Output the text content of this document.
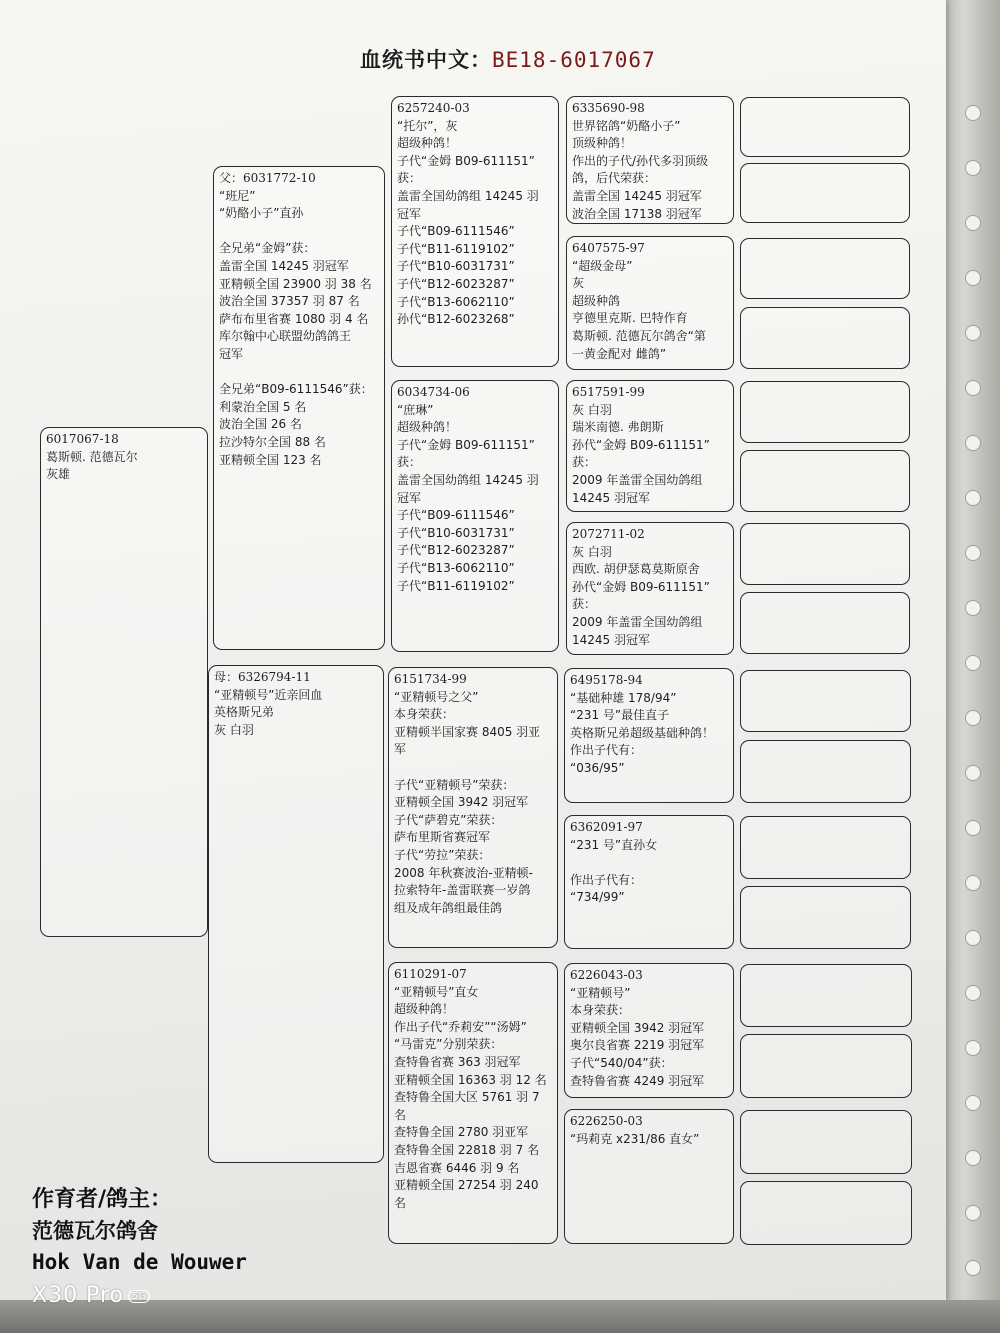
血统书中文：BE18-6017067
6017067-18
葛斯顿. 范德瓦尔
灰雄
父：6031772-10
“班尼”
“奶酪小子”直孙

全兄弟“金姆”获：
盖雷全国 14245 羽冠军
亚精顿全国 23900 羽 38 名
波治全国 37357 羽 87 名
萨布布里省赛 1080 羽 4 名
库尔翰中心联盟幼鸽鸽王
冠军

全兄弟“B09-6111546”获：
利蒙治全国 5 名
波治全国 26 名
拉沙特尔全国 88 名
亚精顿全国 123 名
母：6326794-11
“亚精顿号”近亲回血
英格斯兄弟
灰 白羽
6257240-03
“托尔”，灰
超级种鸽！
子代“金姆 B09-611151”
获：
盖雷全国幼鸽组 14245 羽
冠军
子代“B09-6111546”
子代“B11-6119102”
子代“B10-6031731”
子代“B12-6023287”
子代“B13-6062110”
孙代“B12-6023268”
6034734-06
“庶琳”
超级种鸽！
子代“金姆 B09-611151”
获：
盖雷全国幼鸽组 14245 羽
冠军
子代“B09-6111546”
子代“B10-6031731”
子代“B12-6023287”
子代“B13-6062110”
子代“B11-6119102”
6151734-99
“亚精顿号之父”
本身荣获：
亚精顿半国家赛 8405 羽亚
军

子代“亚精顿号”荣获：
亚精顿全国 3942 羽冠军
子代“萨碧克”荣获：
萨布里斯省赛冠军
子代“劳拉”荣获：
2008 年秋赛波治-亚精顿-
拉索特年-盖雷联赛一岁鸽
组及成年鸽组最佳鸽
6110291-07
“亚精顿号”直女
超级种鸽！
作出子代“乔莉安”“汤姆”
“马雷克”分别荣获：
查特鲁省赛 363 羽冠军
亚精顿全国 16363 羽 12 名
查特鲁全国大区 5761 羽 7
名
查特鲁全国 2780 羽亚军
查特鲁全国 22818 羽 7 名
吉恩省赛 6446 羽 9 名
亚精顿全国 27254 羽 240
名
6335690-98
世界铭鸽“奶酪小子”
顶级种鸽！
作出的子代/孙代多羽顶级
鸽，后代荣获：
盖雷全国 14245 羽冠军
波治全国 17138 羽冠军
6407575-97
“超级金母”
灰
超级种鸽
亨德里克斯. 巴特作育
葛斯顿. 范德瓦尔鸽舍“第
一黄金配对 雌鸽”
6517591-99
灰 白羽
瑞米南德. 弗朗斯
孙代“金姆 B09-611151”
获：
2009 年盖雷全国幼鸽组
14245 羽冠军
2072711-02
灰 白羽
西欧. 胡伊瑟葛莫斯原舍
孙代“金姆 B09-611151”
获：
2009 年盖雷全国幼鸽组
14245 羽冠军
6495178-94
“基础种雄 178/94”
“231 号”最佳直子
英格斯兄弟超级基础种鸽！
作出子代有：
“036/95”
6362091-97
“231 号”直孙女

作出子代有：
“734/99”
6226043-03
“亚精顿号”
本身荣获：
亚精顿全国 3942 羽冠军
奥尔良省赛 2219 羽冠军
子代“540/04”获：
查特鲁省赛 4249 羽冠军
6226250-03
“玛莉克 x231/86 直女”
作育者/鸽主：
范德瓦尔鸽舍
Hok Van de Wouwer
X30 Pro 5G
